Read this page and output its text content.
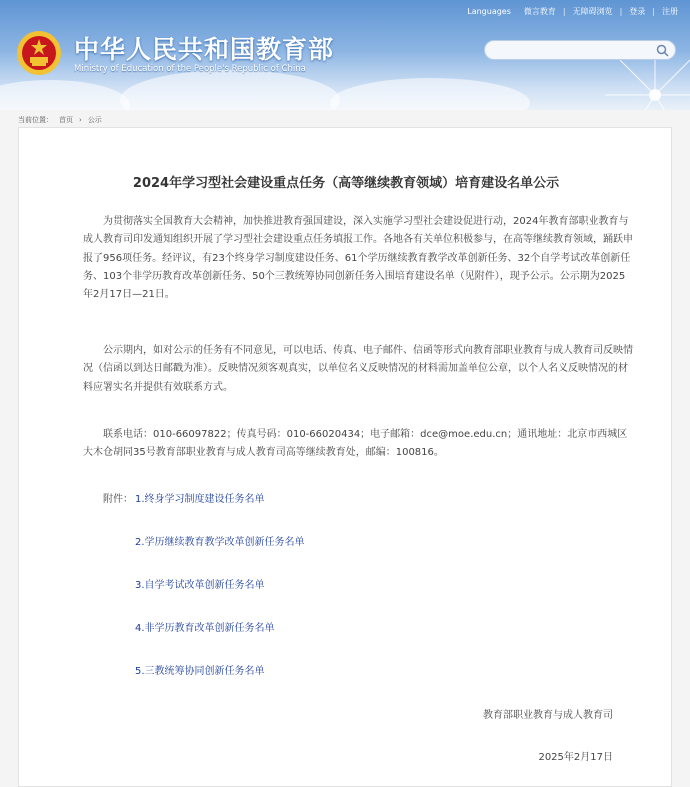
中华人民共和国教育部
Ministry of Education of the People's Republic of China
Languages 微言教育 | 无障碍浏览 | 登录 | 注册
当前位置： 首页 › 公示
2024年学习型社会建设重点任务（高等继续教育领域）培育建设名单公示

为贯彻落实全国教育大会精神，加快推进教育强国建设，深入实施学习型社会建设促进行动，2024年教育部职业教育与成人教育司印发通知组织开展了学习型社会建设重点任务填报工作。各地各有关单位积极参与，在高等继续教育领域，踊跃申报了956项任务。经评议，有23个终身学习制度建设任务、61个学历继续教育教学改革创新任务、32个自学考试改革创新任务、103个非学历教育改革创新任务、50个三教统筹协同创新任务入围培育建设名单（见附件），现予公示。公示期为2025年2月17日—21日。

公示期内，如对公示的任务有不同意见，可以电话、传真、电子邮件、信函等形式向教育部职业教育与成人教育司反映情况（信函以到达日邮戳为准）。反映情况须客观真实，以单位名义反映情况的材料需加盖单位公章，以个人名义反映情况的材料应署实名并提供有效联系方式。

联系电话：010-66097822；传真号码：010-66020434；电子邮箱：dce@moe.edu.cn；通讯地址：北京市西城区大木仓胡同35号教育部职业教育与成人教育司高等继续教育处，邮编：100816。

附件： 1.终身学习制度建设任务名单
2.学历继续教育教学改革创新任务名单
3.自学考试改革创新任务名单
4.非学历教育改革创新任务名单
5.三教统筹协同创新任务名单
教育部职业教育与成人教育司
2025年2月17日
